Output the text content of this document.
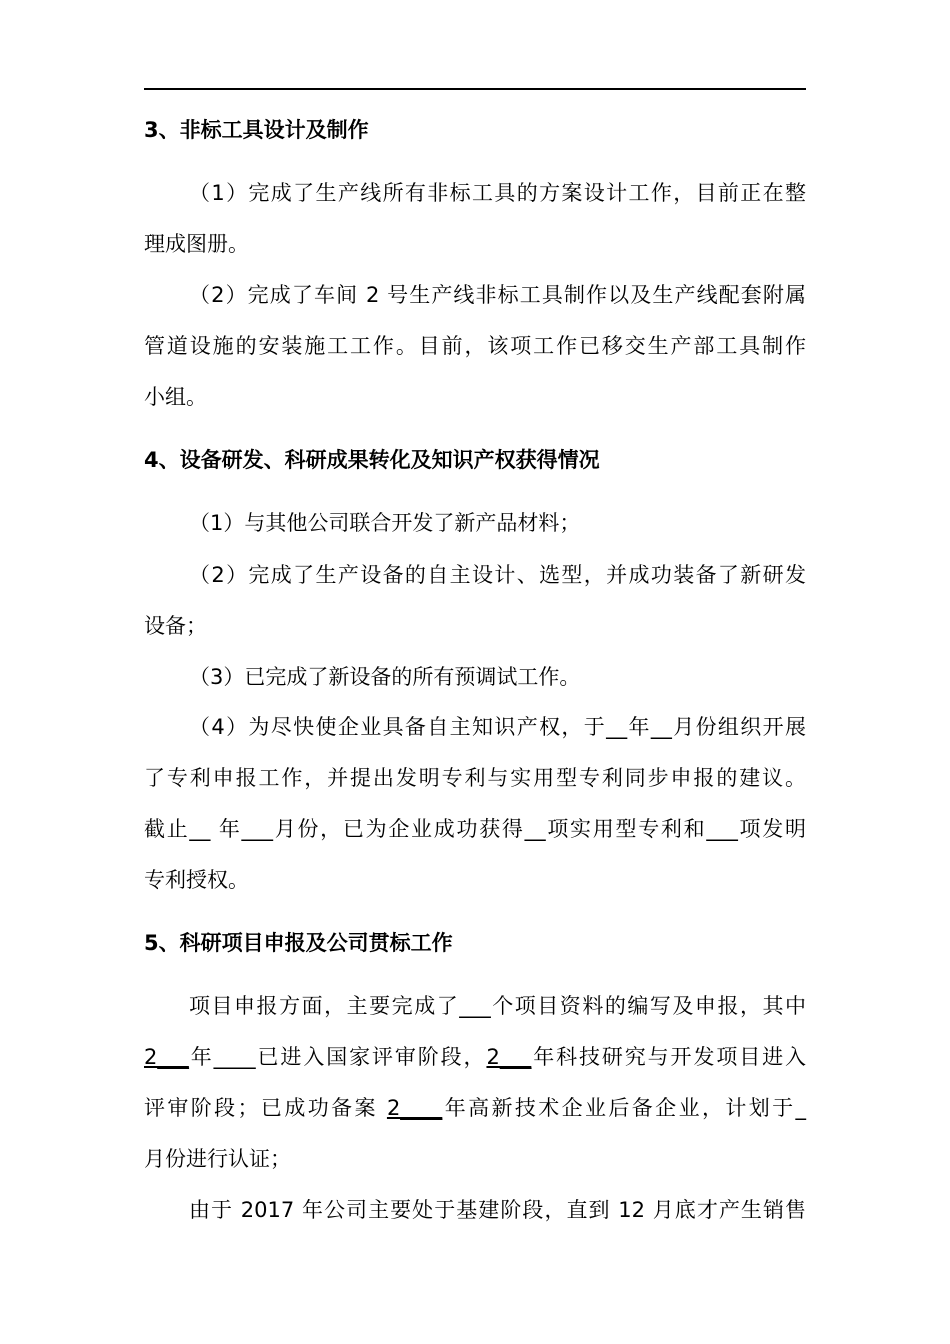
3、非标工具设计及制作
（1）完成了生产线所有非标工具的方案设计工作，目前正在整
理成图册。
（2）完成了车间 2 号生产线非标工具制作以及生产线配套附属
管道设施的安装施工工作。目前，该项工作已移交生产部工具制作
小组。
4、设备研发、科研成果转化及知识产权获得情况
（1）与其他公司联合开发了新产品材料；
（2）完成了生产设备的自主设计、选型，并成功装备了新研发
设备；
（3）已完成了新设备的所有预调试工作。
（4）为尽快使企业具备自主知识产权，于__年__月份组织开展
了专利申报工作，并提出发明专利与实用型专利同步申报的建议。
截止__ 年___月份，已为企业成功获得__项实用型专利和___项发明
专利授权。
5、科研项目申报及公司贯标工作
项目申报方面，主要完成了___个项目资料的编写及申报，其中
2___年____已进入国家评审阶段，2___年科技研究与开发项目进入
评审阶段；已成功备案 2____年高新技术企业后备企业，计划于_
月份进行认证；
由于 2017 年公司主要处于基建阶段，直到 12 月底才产生销售
